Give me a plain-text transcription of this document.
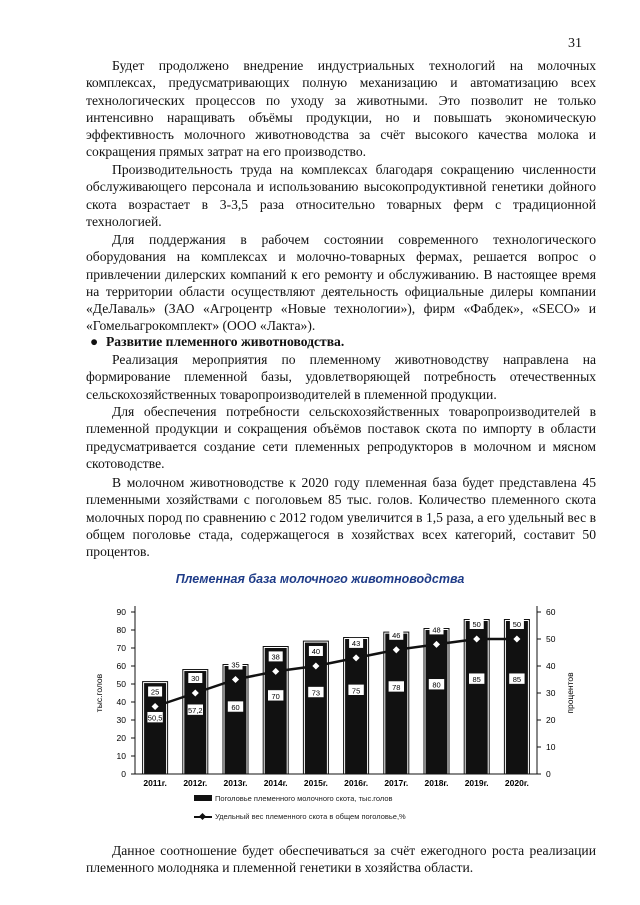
31

Будет продолжено внедрение индустриальных технологий на молочных комплексах, предусматривающих полную механизацию и автоматизацию всех технологических процессов по уходу за животными. Это позволит не только интенсивно наращивать объёмы продукции, но и повышать экономическую эффективность молочного животноводства за счёт высокого качества молока и сокращения прямых затрат на его производство.

Производительность труда на комплексах благодаря сокращению численности обслуживающего персонала и использованию высокопродуктивной генетики дойного скота возрастает в 3-3,5 раза относительно товарных ферм с традиционной технологией.

Для поддержания в рабочем состоянии современного технологического оборудования на комплексах и молочно-товарных фермах, решается вопрос о привлечении дилерских компаний к его ремонту и обслуживанию. В настоящее время на территории области осуществляют деятельность официальные дилеры компании «ДеЛаваль» (ЗАО «Агроцентр «Новые технологии»), фирм «Фабдек», «SECO» и «Гомельагрокомплект» (ООО «Лакта»).

● Развитие племенного животноводства.

Реализация мероприятия по племенному животноводству направлена на формирование племенной базы, удовлетворяющей потребность отечественных сельскохозяйственных товаропроизводителей в племенной продукции.

Для обеспечения потребности сельскохозяйственных товаропроизводителей в племенной продукции и сокращения объёмов поставок скота по импорту в области предусматривается создание сети племенных репродукторов в молочном и мясном скотоводстве.

В молочном животноводстве к 2020 году племенная база будет представлена 45 племенными хозяйствами с поголовьем 85 тыс. голов. Количество племенного скота молочных пород по сравнению с 2012 годом увеличится в 1,5 раза, а его удельный вес в общем поголовье стада, содержащегося в хозяйствах всех категорий, составит 50 процентов.

Племенная база молочного животноводства
0
10
20
30
40
50
60
70
80
90
0
10
20
30
40
50
60
тыс.голов	процентов
50,5
57,2	60
70	73	75	78	80
85	85
2011г. 2012г. 2013г. 2014г. 2015г. 2016г. 2017г. 2018г. 2019г. 2020г.
25
30
35
38
40
43
46
48
50	50
Поголовье племенного молочного скота, тыс.голов
Удельный вес племенного скота в общем поголовье,%

Данное соотношение будет обеспечиваться за счёт ежегодного роста реализации племенного молодняка и племенной генетики в хозяйства области.
